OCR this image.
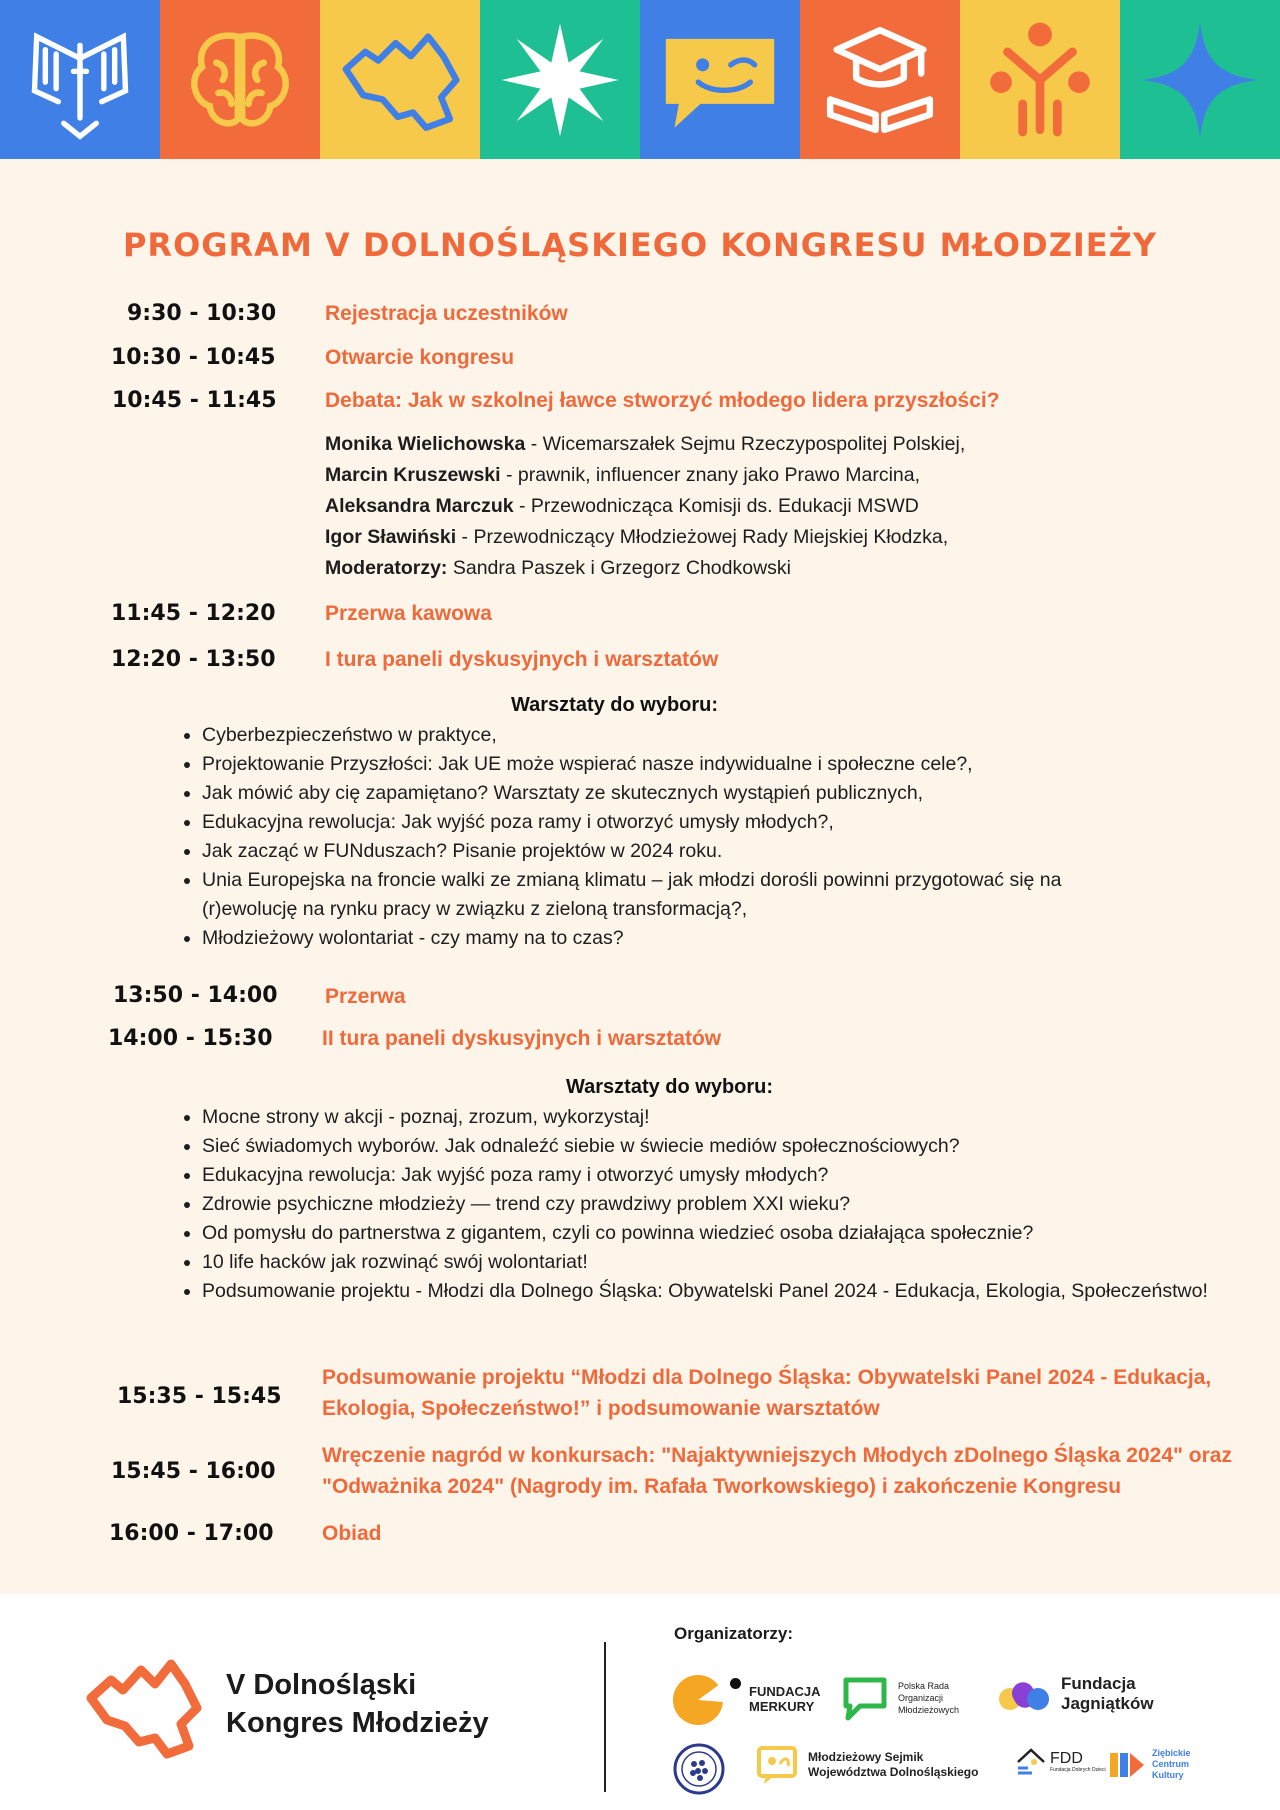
PROGRAM V DOLNOŚLĄSKIEGO KONGRESU MŁODZIEŻY
9:30 - 10:30 Rejestracja uczestników
10:30 - 10:45 Otwarcie kongresu
10:45 - 11:45 Debata: Jak w szkolnej ławce stworzyć młodego lidera przyszłości?
Monika Wielichowska - Wicemarszałek Sejmu Rzeczypospolitej Polskiej,
Marcin Kruszewski - prawnik, influencer znany jako Prawo Marcina,
Aleksandra Marczuk - Przewodnicząca Komisji ds. Edukacji MSWD
Igor Sławiński - Przewodniczący Młodzieżowej Rady Miejskiej Kłodzka,
Moderatorzy: Sandra Paszek i Grzegorz Chodkowski
11:45 - 12:20 Przerwa kawowa
12:20 - 13:50 I tura paneli dyskusyjnych i warsztatów
Warsztaty do wyboru:
• Cyberbezpieczeństwo w praktyce,
• Projektowanie Przyszłości: Jak UE może wspierać nasze indywidualne i społeczne cele?,
• Jak mówić aby cię zapamiętano? Warsztaty ze skutecznych wystąpień publicznych,
• Edukacyjna rewolucja: Jak wyjść poza ramy i otworzyć umysły młodych?,
• Jak zacząć w FUNduszach? Pisanie projektów w 2024 roku.
• Unia Europejska na froncie walki ze zmianą klimatu – jak młodzi dorośli powinni przygotować się na (r)ewolucję na rynku pracy w związku z zieloną transformacją?,
• Młodzieżowy wolontariat - czy mamy na to czas?
13:50 - 14:00 Przerwa
14:00 - 15:30 II tura paneli dyskusyjnych i warsztatów
Warsztaty do wyboru:
• Mocne strony w akcji - poznaj, zrozum, wykorzystaj!
• Sieć świadomych wyborów. Jak odnaleźć siebie w świecie mediów społecznościowych?
• Edukacyjna rewolucja: Jak wyjść poza ramy i otworzyć umysły młodych?
• Zdrowie psychiczne młodzieży — trend czy prawdziwy problem XXI wieku?
• Od pomysłu do partnerstwa z gigantem, czyli co powinna wiedzieć osoba działająca społecznie?
• 10 life hacków jak rozwinąć swój wolontariat!
• Podsumowanie projektu - Młodzi dla Dolnego Śląska: Obywatelski Panel 2024 - Edukacja, Ekologia, Społeczeństwo!
15:35 - 15:45
Podsumowanie projektu “Młodzi dla Dolnego Śląska: Obywatelski Panel 2024 - Edukacja, Ekologia, Społeczeństwo!” i podsumowanie warsztatów
15:45 - 16:00
Wręczenie nagród w konkursach: "Najaktywniejszych Młodych zDolnego Śląska 2024" oraz "Odważnika 2024" (Nagrody im. Rafała Tworkowskiego) i zakończenie Kongresu
16:00 - 17:00 Obiad
V Dolnośląski
Kongres Młodzieży
Organizatorzy:
FUNDACJA MERKURY
Polska Rada
Organizacji
Młodzieżowych
Fundacja
Jagniątków
Młodzieżowy Sejmik
Województwa Dolnośląskiego
FDD
Fundacja Dobrych Dzieci
Ziębickie
Centrum
Kultury
